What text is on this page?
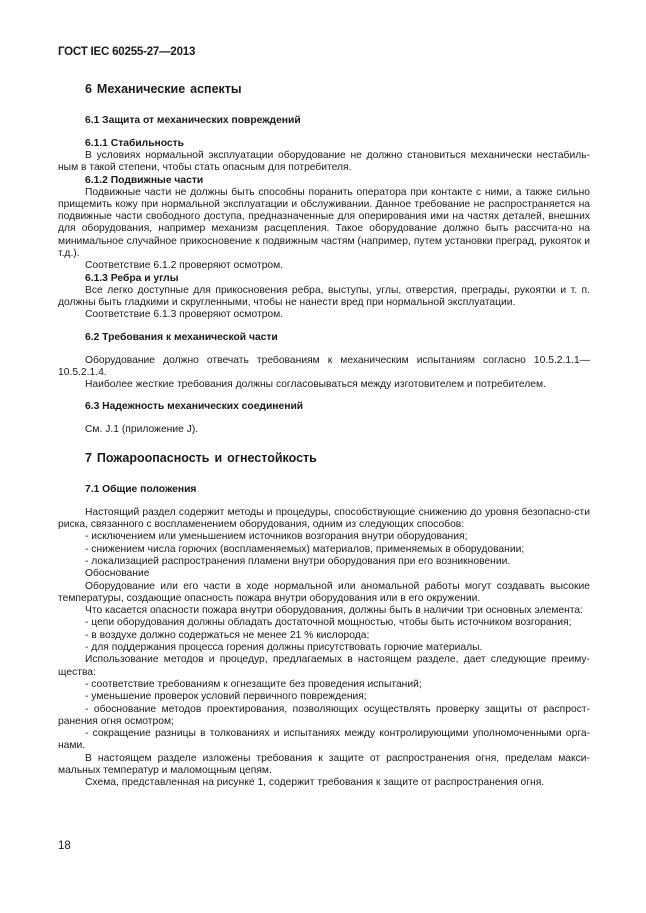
ГОСТ IEC 60255-27—2013
6 Механические аспекты
6.1 Защита от механических повреждений
6.1.1 Стабильность

В условиях нормальной эксплуатации оборудование не должно становиться механически нестабиль-ным в такой степени, чтобы стать опасным для потребителя.

6.1.2 Подвижные части

Подвижные части не должны быть способны поранить оператора при контакте с ними, а также сильно прищемить кожу при нормальной эксплуатации и обслуживании. Данное требование не распространяется на подвижные части свободного доступа, предназначенные для оперирования ими на частях деталей, внешних для оборудования, например механизм расцепления. Такое оборудование должно быть рассчита-но на минимальное случайное прикосновение к подвижным частям (например, путем установки преград, рукояток и т.д.).

Соответствие 6.1.2 проверяют осмотром.

6.1.3 Ребра и углы

Все легко доступные для прикосновения ребра, выступы, углы, отверстия, преграды, рукоятки и т. п. должны быть гладкими и скругленными, чтобы не нанести вред при нормальной эксплуатации.

Соответствие 6.1.3 проверяют осмотром.

6.2 Требования к механической части

Оборудование должно отвечать требованиям к механическим испытаниям согласно 10.5.2.1.1—10.5.2.1.4.

Наиболее жесткие требования должны согласовываться между изготовителем и потребителем.

6.3 Надежность механических соединений

См. J.1 (приложение J).

7 Пожароопасность и огнестойкость
7.1 Общие положения

Настоящий раздел содержит методы и процедуры, способствующие снижению до уровня безопасно-сти риска, связанного с воспламенением оборудования, одним из следующих способов:

- исключением или уменьшением источников возгорания внутри оборудования;

- снижением числа горючих (воспламеняемых) материалов, применяемых в оборудовании;

- локализацией распространения пламени внутри оборудования при его возникновении.

Обоснование

Оборудование или его части в ходе нормальной или аномальной работы могут создавать высокие температуры, создающие опасность пожара внутри оборудования или в его окружении.

Что касается опасности пожара внутри оборудования, должны быть в наличии три основных элемента:

- цепи оборудования должны обладать достаточной мощностью, чтобы быть источником возгорания;

- в воздухе должно содержаться не менее 21 % кислорода;

- для поддержания процесса горения должны присутствовать горючие материалы.

Использование методов и процедур, предлагаемых в настоящем разделе, дает следующие преиму-щества:

- соответствие требованиям к огнезащите без проведения испытаний;

- уменьшение проверок условий первичного повреждения;

- обоснование методов проектирования, позволяющих осуществлять проверку защиты от распрост-ранения огня осмотром;

- сокращение разницы в толкованиях и испытаниях между контролирующими уполномоченными орга-нами.

В настоящем разделе изложены требования к защите от распространения огня, пределам макси-мальных температур и маломощным цепям.

Схема, представленная на рисунке 1, содержит требования к защите от распространения огня.

18
